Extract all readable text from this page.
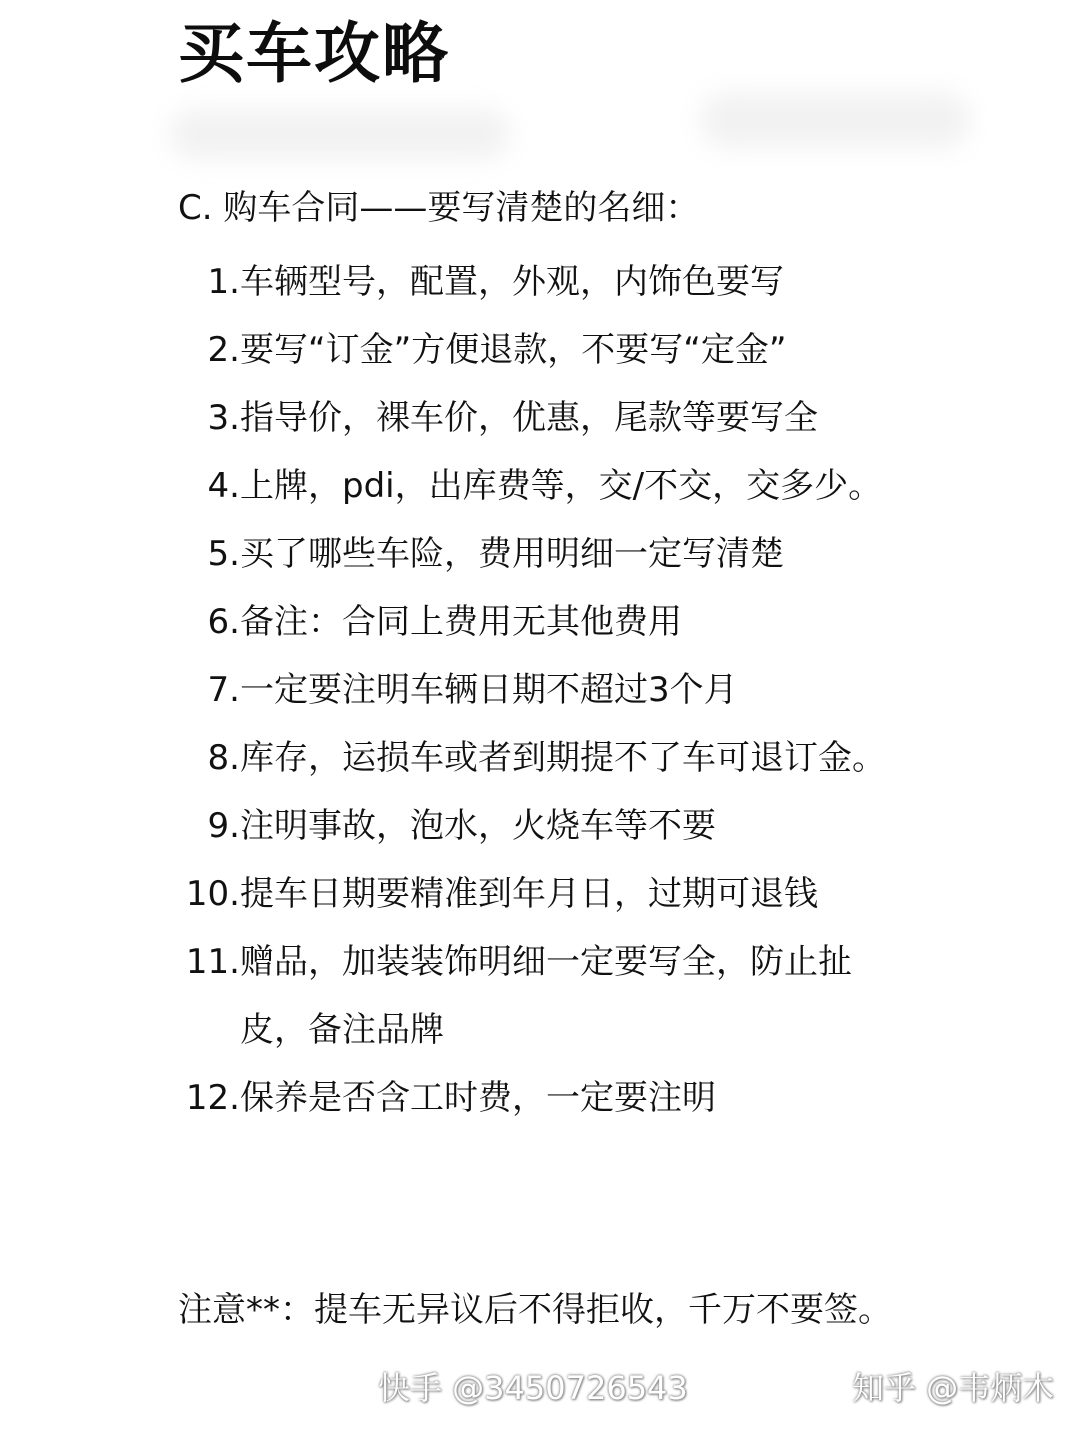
买车攻略
C. 购车合同——要写清楚的名细：
1. 车辆型号，配置，外观，内饰色要写
2. 要写“订金”方便退款，不要写“定金”
3. 指导价，裸车价，优惠，尾款等要写全
4. 上牌，pdi，出库费等，交/不交，交多少。
5. 买了哪些车险，费用明细一定写清楚
6. 备注：合同上费用无其他费用
7. 一定要注明车辆日期不超过3个月
8. 库存，运损车或者到期提不了车可退订金。
9. 注明事故，泡水，火烧车等不要
10. 提车日期要精准到年月日，过期可退钱
11. 赠品，加装装饰明细一定要写全，防止扯皮，备注品牌
12. 保养是否含工时费，一定要注明
注意**：提车无异议后不得拒收，千万不要签。
快手 @3450726543	知乎 @韦炳木
